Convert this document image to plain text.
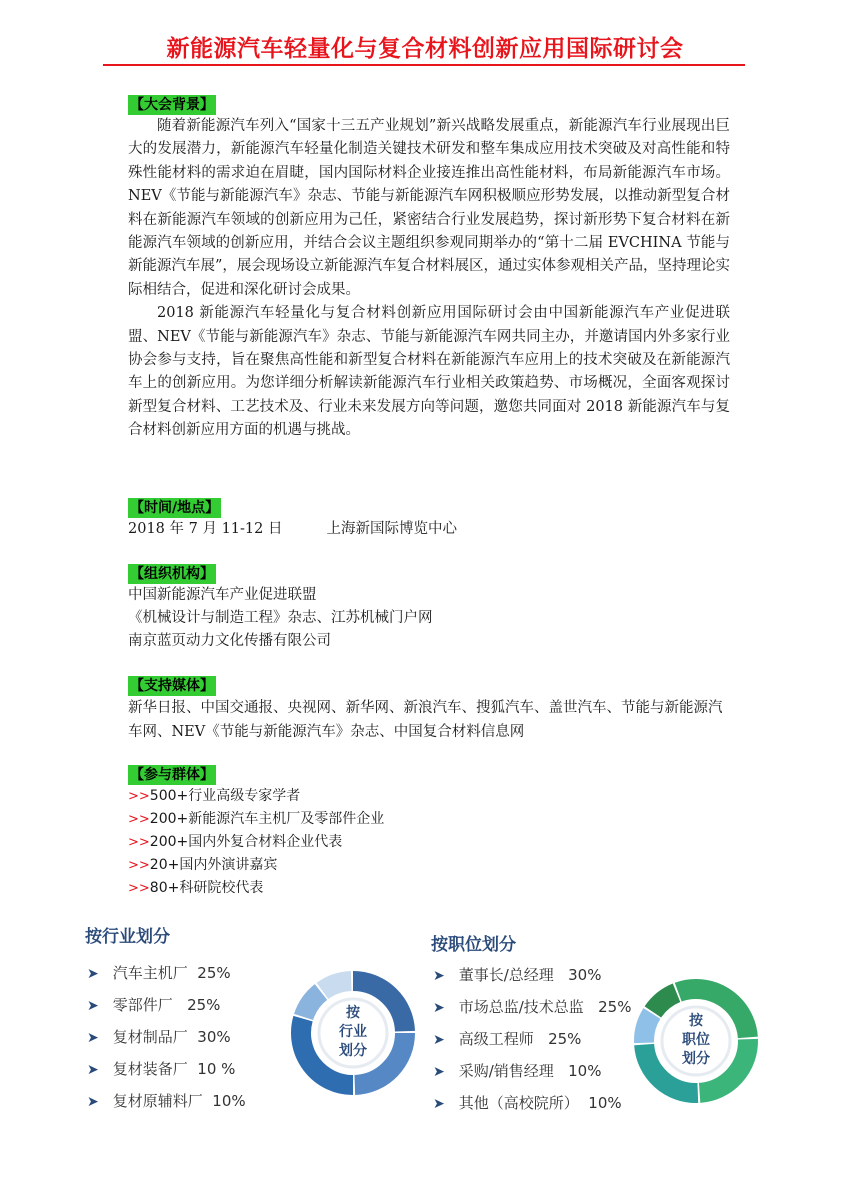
新能源汽车轻量化与复合材料创新应用国际研讨会
【大会背景】

随着新能源汽车列入“国家十三五产业规划”新兴战略发展重点，新能源汽车行业展现出巨大的发展潜力，新能源汽车轻量化制造关键技术研发和整车集成应用技术突破及对高性能和特殊性能材料的需求迫在眉睫，国内国际材料企业接连推出高性能材料，布局新能源汽车市场。NEV《节能与新能源汽车》杂志、节能与新能源汽车网积极顺应形势发展，以推动新型复合材料在新能源汽车领域的创新应用为己任，紧密结合行业发展趋势，探讨新形势下复合材料在新能源汽车领域的创新应用，并结合会议主题组织参观同期举办的“第十二届 EVCHINA 节能与新能源汽车展”，展会现场设立新能源汽车复合材料展区，通过实体参观相关产品，坚持理论实际相结合，促进和深化研讨会成果。

2018 新能源汽车轻量化与复合材料创新应用国际研讨会由中国新能源汽车产业促进联盟、NEV《节能与新能源汽车》杂志、节能与新能源汽车网共同主办，并邀请国内外多家行业协会参与支持，旨在聚焦高性能和新型复合材料在新能源汽车应用上的技术突破及在新能源汽车上的创新应用。为您详细分析解读新能源汽车行业相关政策趋势、市场概况，全面客观探讨新型复合材料、工艺技术及、行业未来发展方向等问题，邀您共同面对 2018 新能源汽车与复合材料创新应用方面的机遇与挑战。

【时间/地点】

2018 年 7 月 11-12 日	上海新国际博览中心

【组织机构】

中国新能源汽车产业促进联盟

《机械设计与制造工程》杂志、江苏机械门户网

南京蓝页动力文化传播有限公司

【支持媒体】

新华日报、中国交通报、央视网、新华网、新浪汽车、搜狐汽车、盖世汽车、节能与新能源汽车网、NEV《节能与新能源汽车》杂志、中国复合材料信息网

【参与群体】

>>500+行业高级专家学者

>>200+新能源汽车主机厂及零部件企业

>>200+国内外复合材料企业代表

>>20+国内外演讲嘉宾

>>80+科研院校代表

按行业划分
➤ 汽车主机厂 25%
➤ 零部件厂 25%
➤ 复材制品厂 30%
➤ 复材装备厂 10 %
➤ 复材原辅料厂 10%
按
行业
划分
按职位划分
➤ 董事长/总经理 30%
➤ 市场总监/技术总监 25%
➤ 高级工程师 25%
➤ 采购/销售经理 10%
➤ 其他（高校院所） 10%
按
职位
划分
